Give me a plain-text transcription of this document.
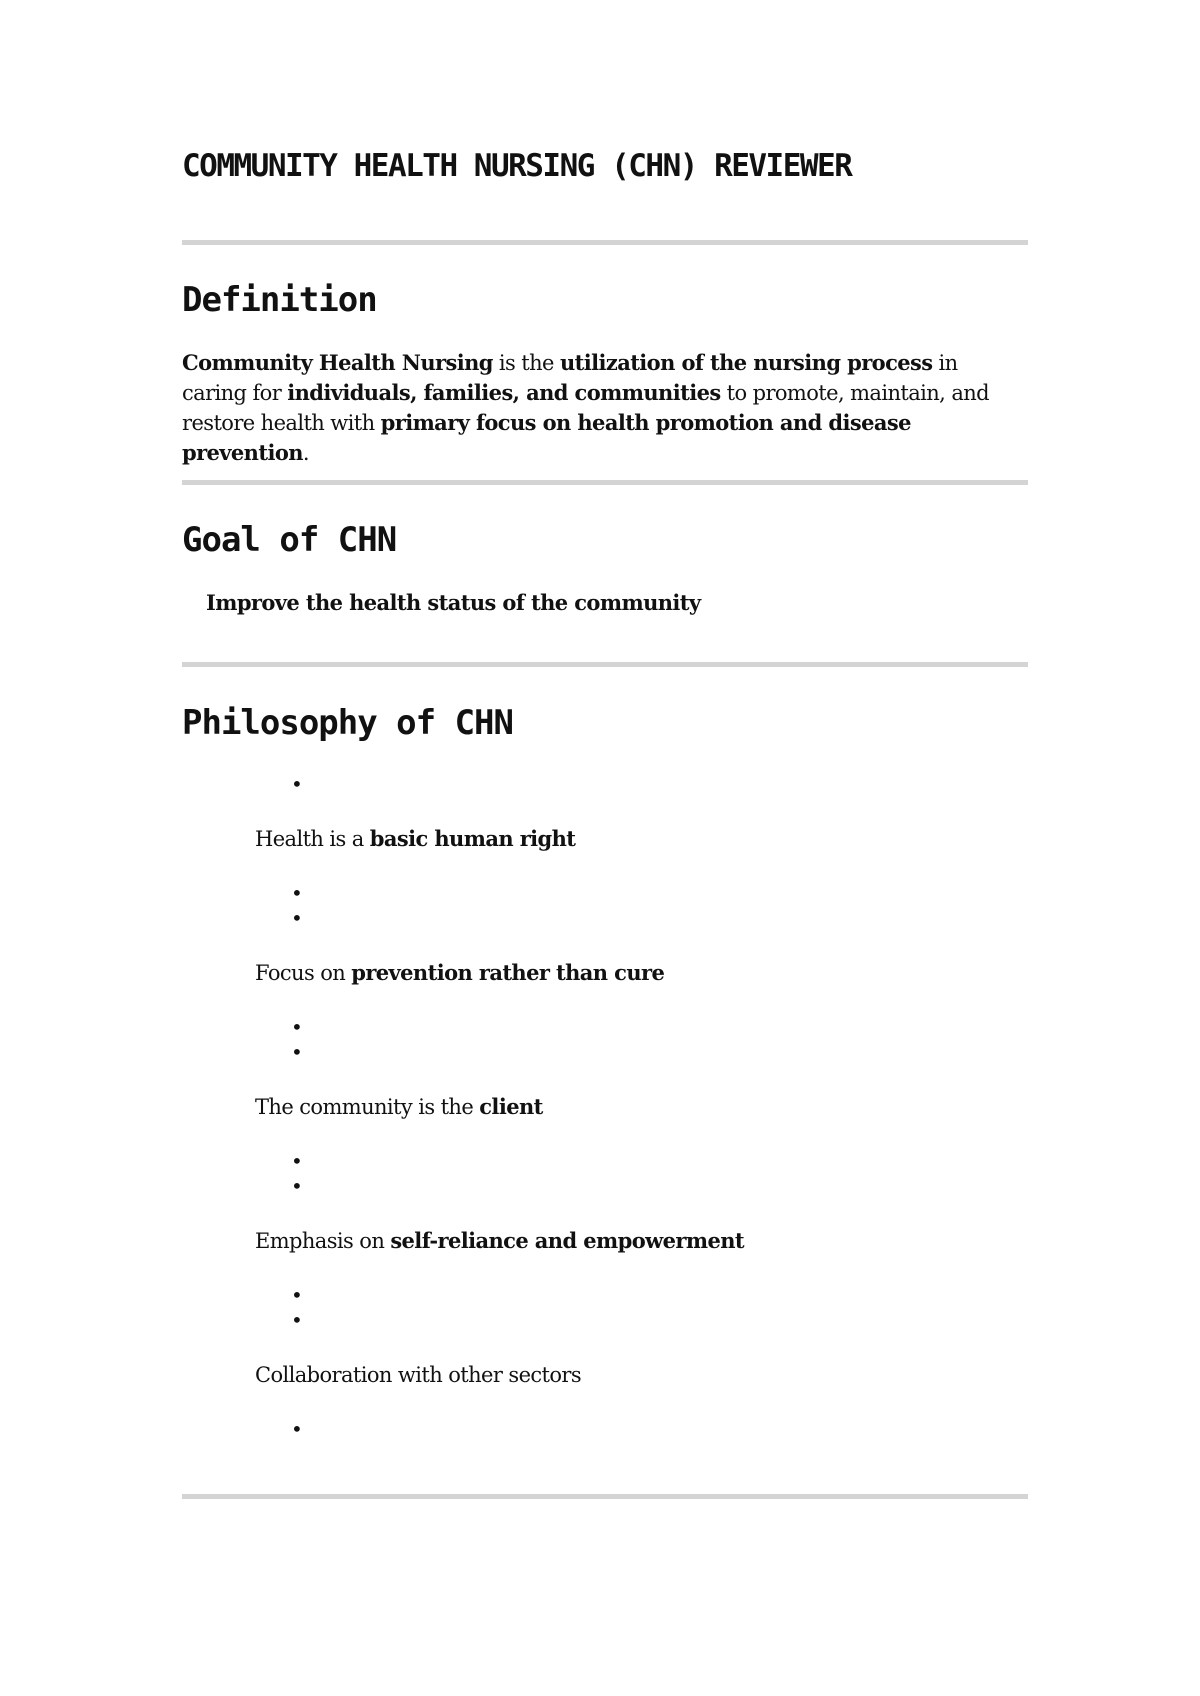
COMMUNITY HEALTH NURSING (CHN) REVIEWER
Definition

Community Health Nursing is the utilization of the nursing process in caring for individuals, families, and communities to promote, maintain, and restore health with primary focus on health promotion and disease prevention.

Goal of CHN

Improve the health status of the community

Philosophy of CHN
•

Health is a basic human right

•
•

Focus on prevention rather than cure

•
•

The community is the client

•
•

Emphasis on self-reliance and empowerment

•
•

Collaboration with other sectors

•
